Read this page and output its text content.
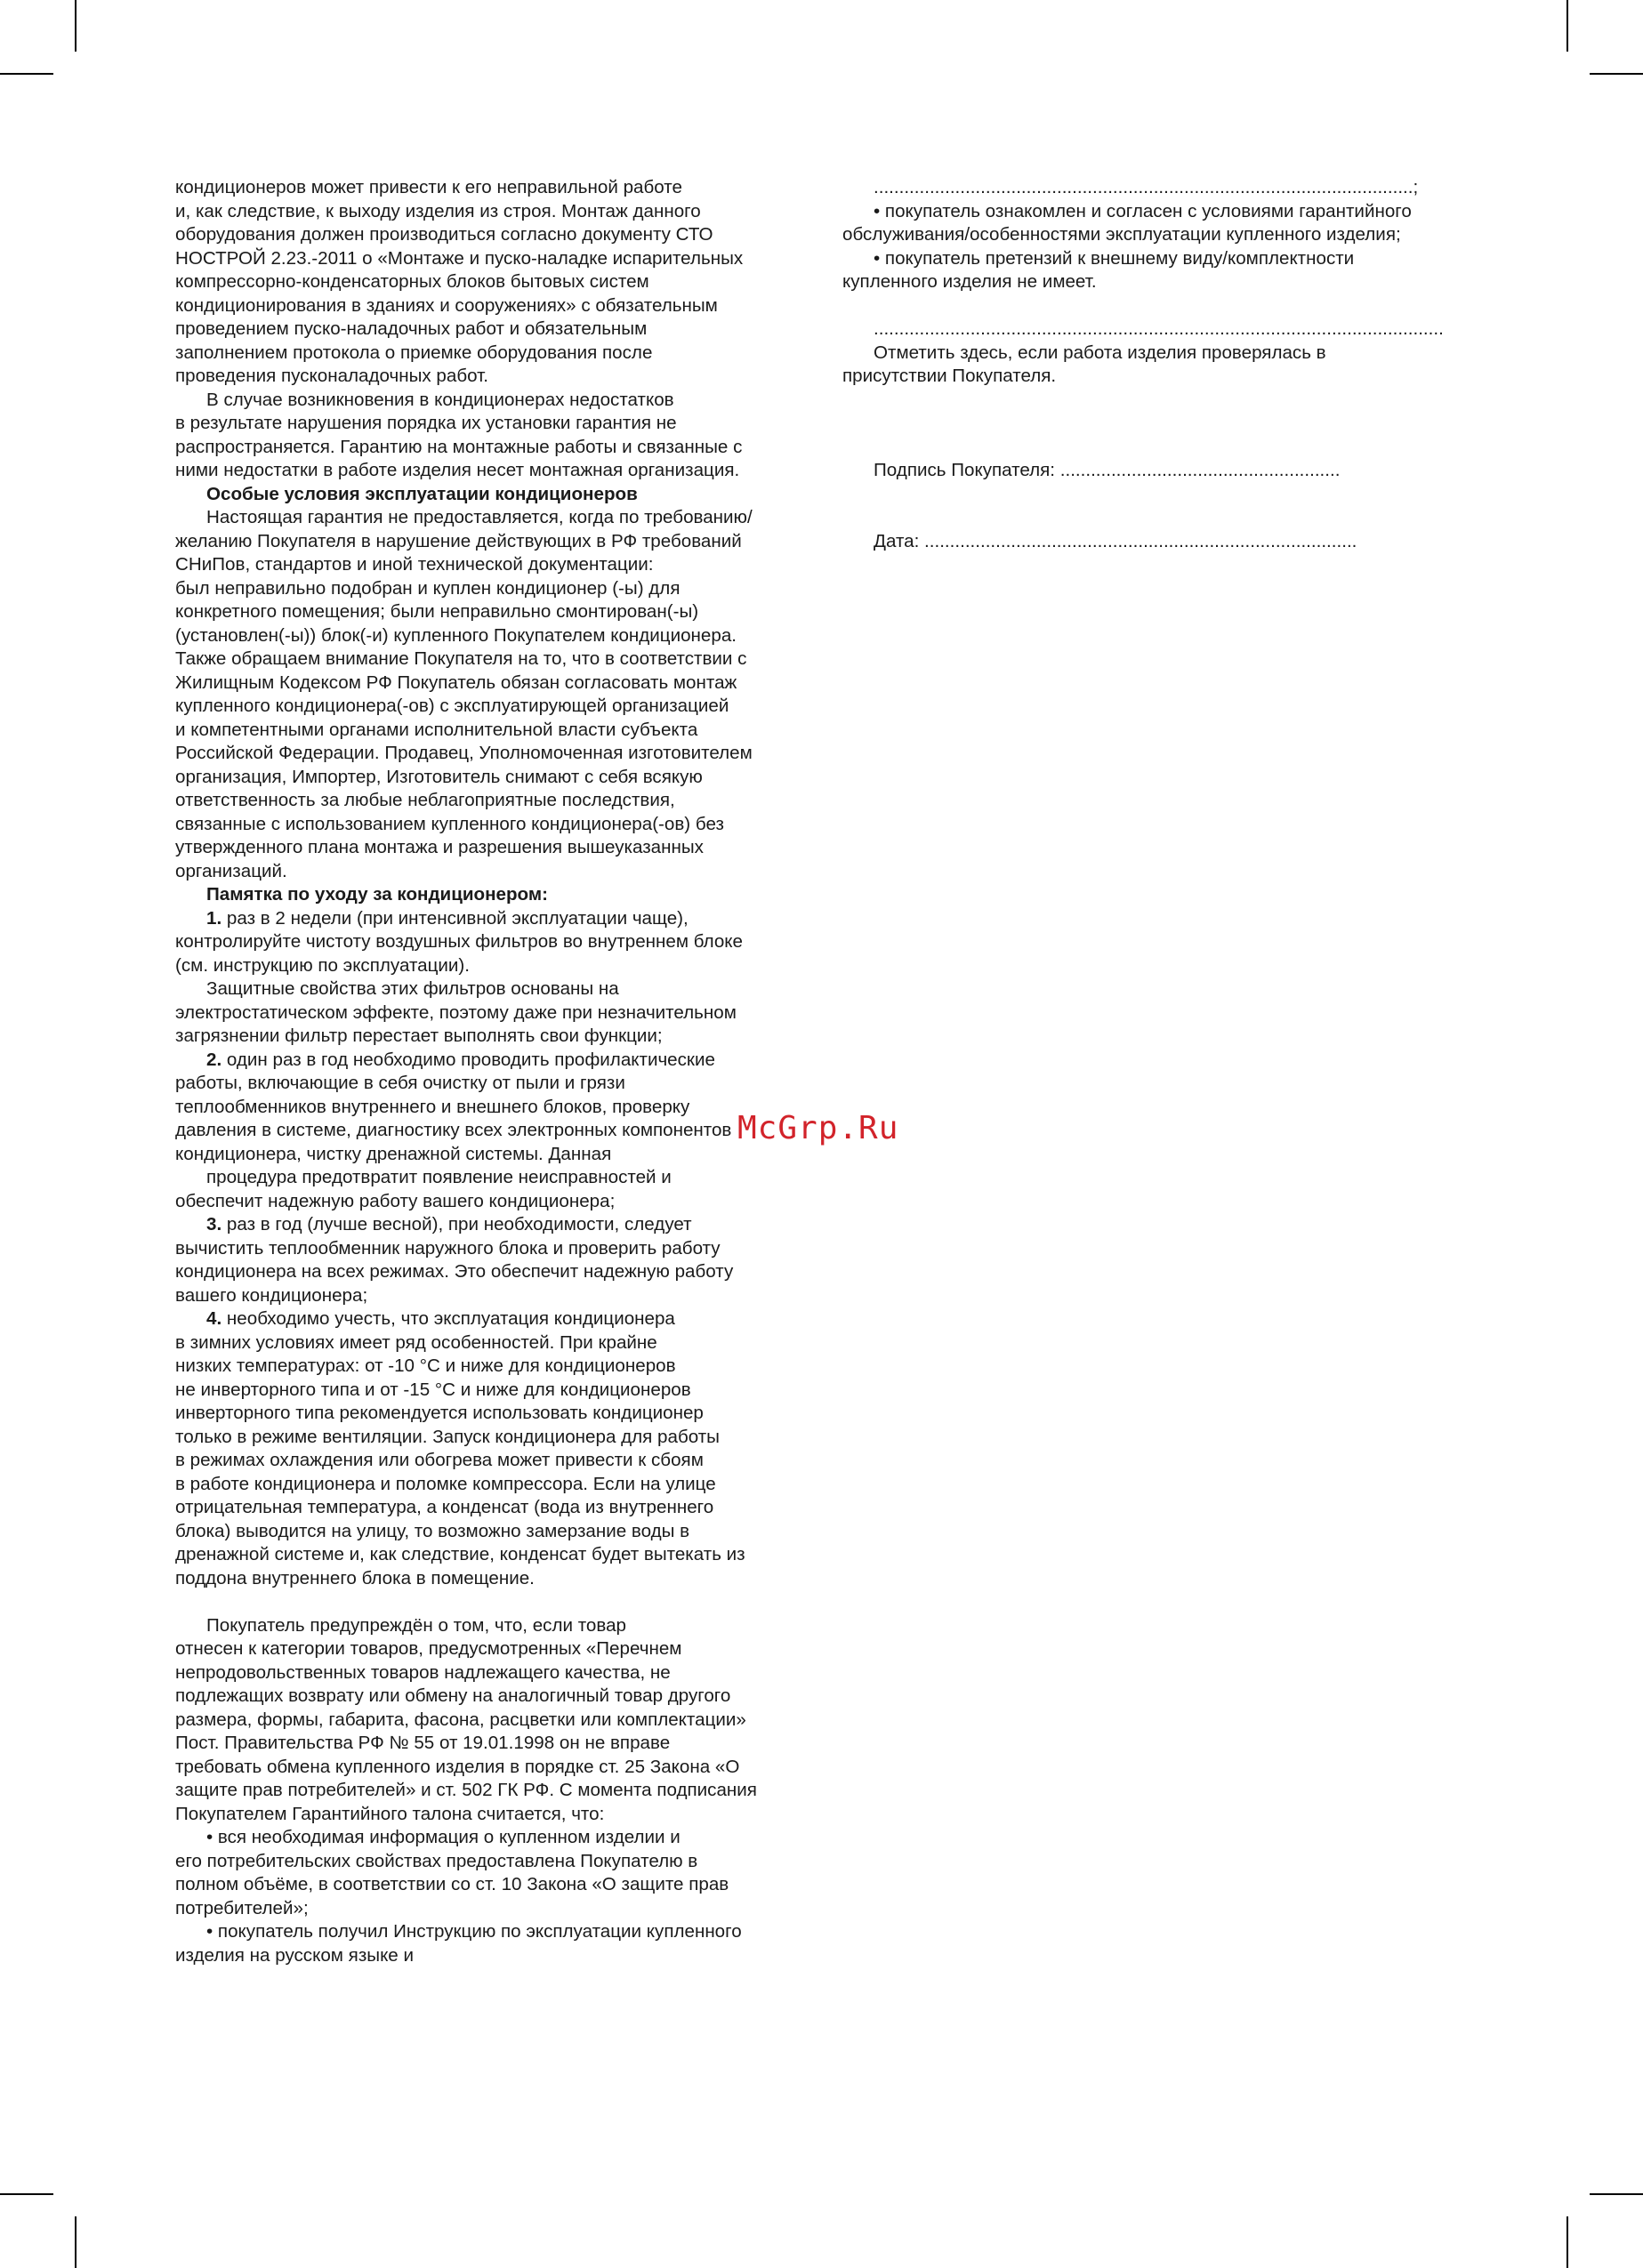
кондиционеров может привести к его неправильной работе
и, как следствие, к выходу изделия из строя. Монтаж данного
оборудования должен производиться согласно документу СТО
НОСТРОЙ 2.23.-2011 о «Монтаже и пуско-наладке испарительных
компрессорно-конденсаторных блоков бытовых систем
кондиционирования в зданиях и сооружениях» с обязательным
проведением пуско-наладочных работ и обязательным
заполнением протокола о приемке оборудования после
проведения пусконаладочных работ.
В случае возникновения в кондиционерах недостатков
в результате нарушения порядка их установки гарантия не
распространяется. Гарантию на монтажные работы и связанные с
ними недостатки в работе изделия несет монтажная организация.
Особые условия эксплуатации кондиционеров
Настоящая гарантия не предоставляется, когда по требованию/
желанию Покупателя в нарушение действующих в РФ требований
СНиПов, стандартов и иной технической документации:
был неправильно подобран и куплен кондиционер (-ы) для
конкретного помещения; были неправильно смонтирован(-ы)
(установлен(-ы)) блок(-и) купленного Покупателем кондиционера.
Также обращаем внимание Покупателя на то, что в соответствии с
Жилищным Кодексом РФ Покупатель обязан согласовать монтаж
купленного кондиционера(-ов) с эксплуатирующей организацией
и компетентными органами исполнительной власти субъекта
Российской Федерации. Продавец, Уполномоченная изготовителем
организация, Импортер, Изготовитель снимают с себя всякую
ответственность за любые неблагоприятные последствия,
связанные с использованием купленного кондиционера(-ов) без
утвержденного плана монтажа и разрешения вышеуказанных
организаций.
Памятка по уходу за кондиционером:
1. раз в 2 недели (при интенсивной эксплуатации чаще),
контролируйте чистоту воздушных фильтров во внутреннем блоке
(см. инструкцию по эксплуатации).
Защитные свойства этих фильтров основаны на
электростатическом эффекте, поэтому даже при незначительном
загрязнении фильтр перестает выполнять свои функции;
2. один раз в год необходимо проводить профилактические
работы, включающие в себя очистку от пыли и грязи
теплообменников внутреннего и внешнего блоков, проверку
давления в системе, диагностику всех электронных компонентов
кондиционера, чистку дренажной системы. Данная
процедура предотвратит появление неисправностей и
обеспечит надежную работу вашего кондиционера;
3. раз в год (лучше весной), при необходимости, следует
вычистить теплообменник наружного блока и проверить работу
кондиционера на всех режимах. Это обеспечит надежную работу
вашего кондиционера;
4. необходимо учесть, что эксплуатация кондиционера
в зимних условиях имеет ряд особенностей. При крайне
низких температурах: от -10 °С и ниже для кондиционеров
не инверторного типа и от -15 °С и ниже для кондиционеров
инверторного типа рекомендуется использовать кондиционер
только в режиме вентиляции. Запуск кондиционера для работы
в режимах охлаждения или обогрева может привести к сбоям
в работе кондиционера и поломке компрессора. Если на улице
отрицательная температура, а конденсат (вода из внутреннего
блока) выводится на улицу, то возможно замерзание воды в
дренажной системе и, как следствие, конденсат будет вытекать из
поддона внутреннего блока в помещение.
Покупатель предупреждён о том, что, если товар
отнесен к категории товаров, предусмотренных «Перечнем
непродовольственных товаров надлежащего качества, не
подлежащих возврату или обмену на аналогичный товар другого
размера, формы, габарита, фасона, расцветки или комплектации»
Пост. Правительства РФ № 55 от 19.01.1998 он не вправе
требовать обмена купленного изделия в порядке ст. 25 Закона «О
защите прав потребителей» и ст. 502 ГК РФ. С момента подписания
Покупателем Гарантийного талона считается, что:
• вся необходимая информация о купленном изделии и
его потребительских свойствах предоставлена Покупателю в
полном объёме, в соответствии со ст. 10 Закона «О защите прав
потребителей»;
• покупатель получил Инструкцию по эксплуатации купленного
изделия на русском языке и
..........................................................................................................;
• покупатель ознакомлен и согласен с условиями гарантийного
обслуживания/особенностями эксплуатации купленного изделия;
• покупатель претензий к внешнему виду/комплектности
купленного изделия не имеет.
................................................................................................................
Отметить здесь, если работа изделия проверялась в
присутствии Покупателя.
Подпись Покупателя: .......................................................
Дата: .....................................................................................
McGrp.Ru
